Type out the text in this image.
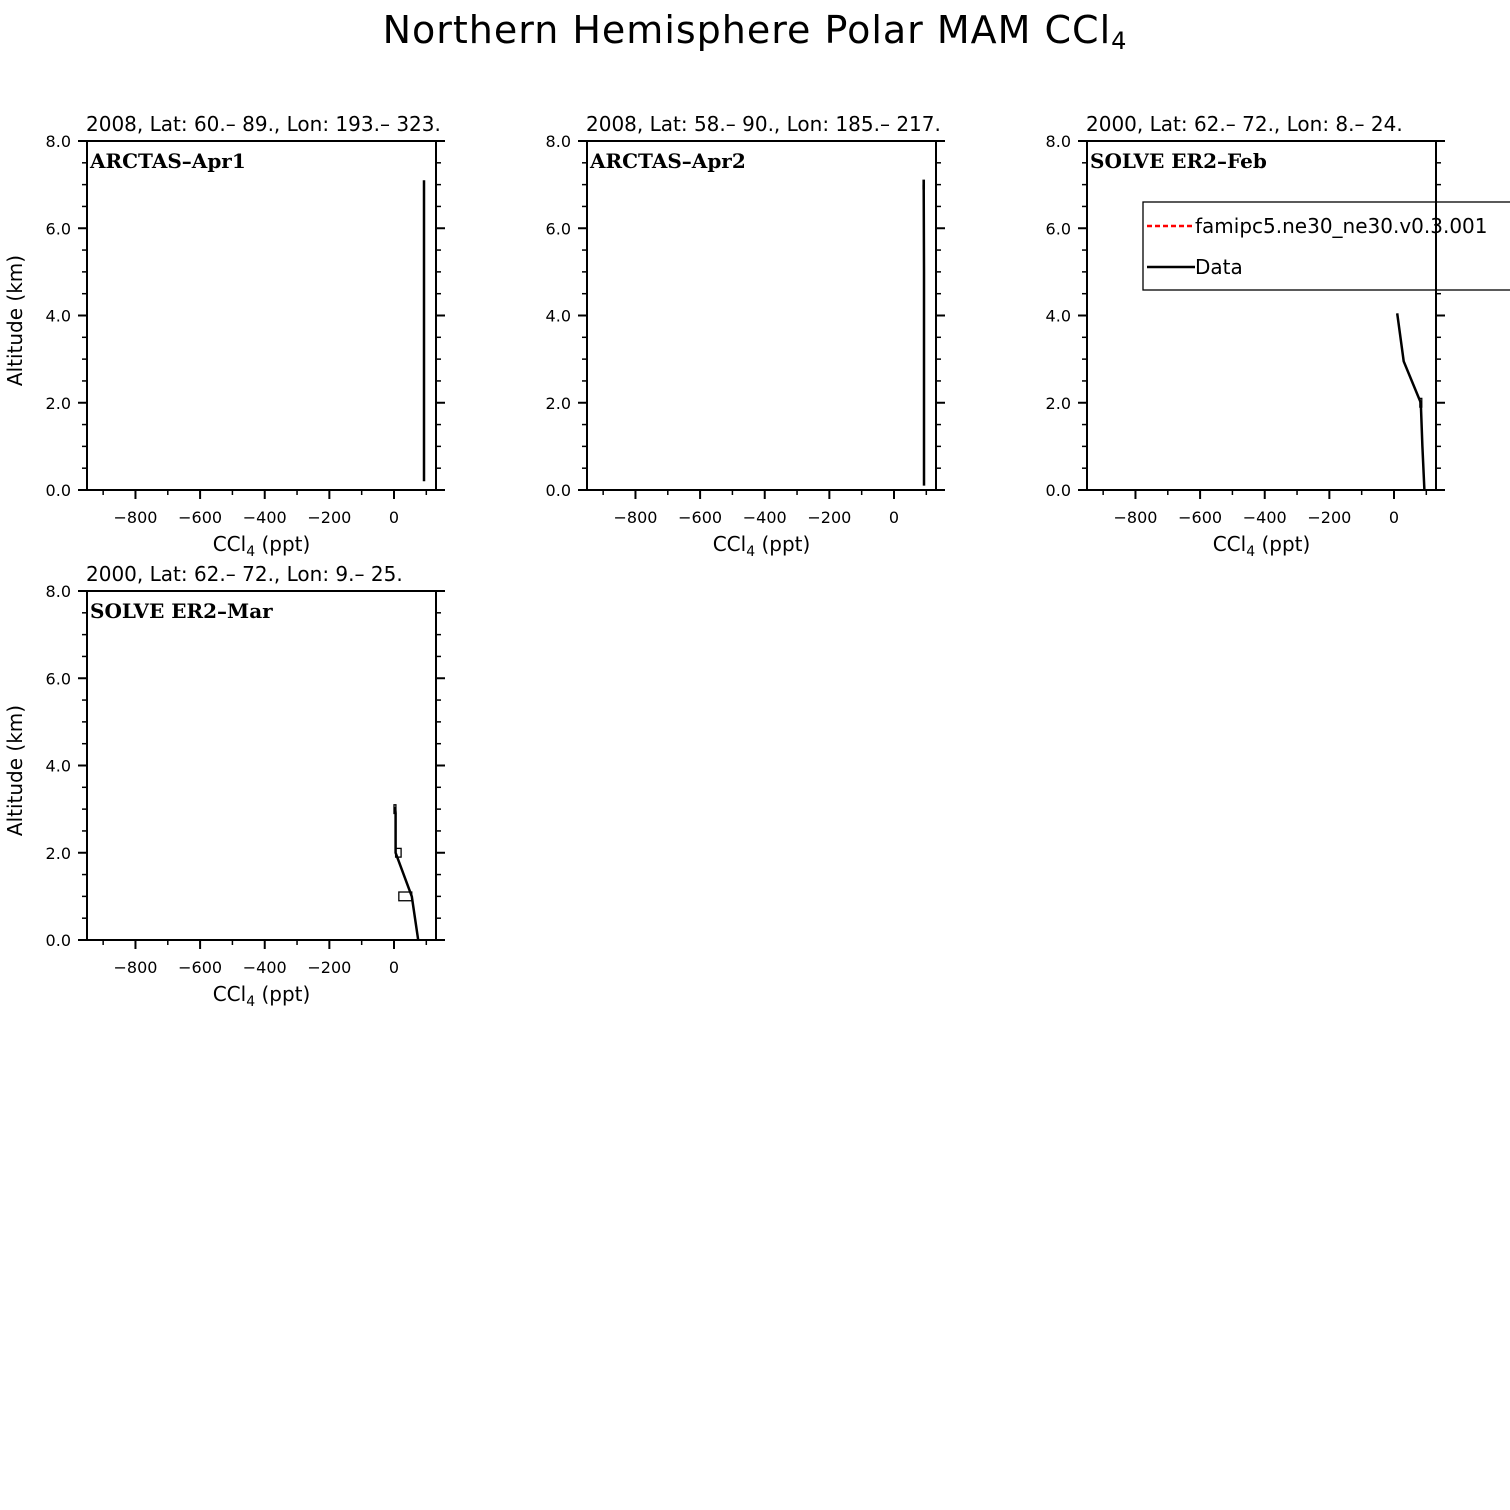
Northern Hemisphere Polar MAM CCl$_4$
0.0
2.0
4.0
6.0
8.0
−800 −600 −400 −200 0
CCl$_4$ (ppt)
Altitude (km)
2008, Lat: 60.– 89., Lon: 193.– 323.
ARCTAS–Apr1
0.0
2.0
4.0
6.0
8.0
−800 −600 −400 −200 0
CCl$_4$ (ppt)
2008, Lat: 58.– 90., Lon: 185.– 217.
ARCTAS–Apr2
0.0
2.0
4.0
6.0
8.0
−800 −600 −400 −200 0
CCl$_4$ (ppt)
2000, Lat: 62.– 72., Lon: 8.– 24.
SOLVE ER2–Feb
famipc5.ne30_ne30.v0.3.001
Data
0.0
2.0
4.0
6.0
8.0
−800 −600 −400 −200 0
CCl$_4$ (ppt)
Altitude (km)
2000, Lat: 62.– 72., Lon: 9.– 25.
SOLVE ER2–Mar
